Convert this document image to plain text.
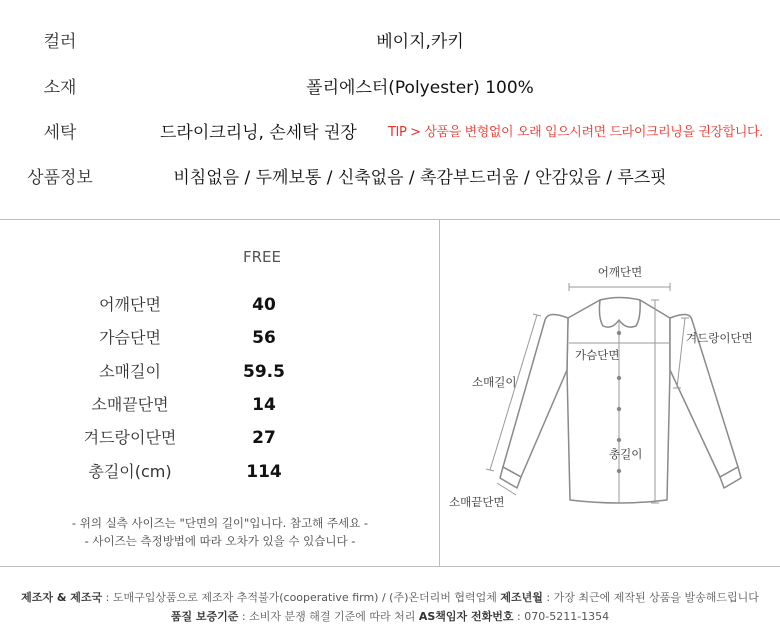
컬러	베이지,카키
소재	폴리에스터(Polyester) 100%
세탁	드라이크리닝, 손세탁 권장 TIP > 상품을 변형없이 오래 입으시려면 드라이크리닝을 권장합니다.
상품정보	비침없음 / 두께보통 / 신축없음 / 촉감부드러움 / 안감있음 / 루즈핏
FREE
어깨단면	40
가슴단면	56
소매길이	59.5
소매끝단면	14
겨드랑이단면	27
총길이(cm)	114
- 위의 실측 사이즈는 "단면의 길이"입니다. 참고해 주세요 -
- 사이즈는 측정방법에 따라 오차가 있을 수 있습니다 -
어깨단면
겨드랑이단면
가슴단면
소매길이
총길이
소매끝단면
제조자 & 제조국 : 도매구입상품으로 제조자 추적불가(cooperative firm) / (주)온더리버 협력업체 제조년월 : 가장 최근에 제작된 상품을 발송해드립니다
품질 보증기준 : 소비자 분쟁 해결 기준에 따라 처리 AS책임자 전화번호 : 070-5211-1354
